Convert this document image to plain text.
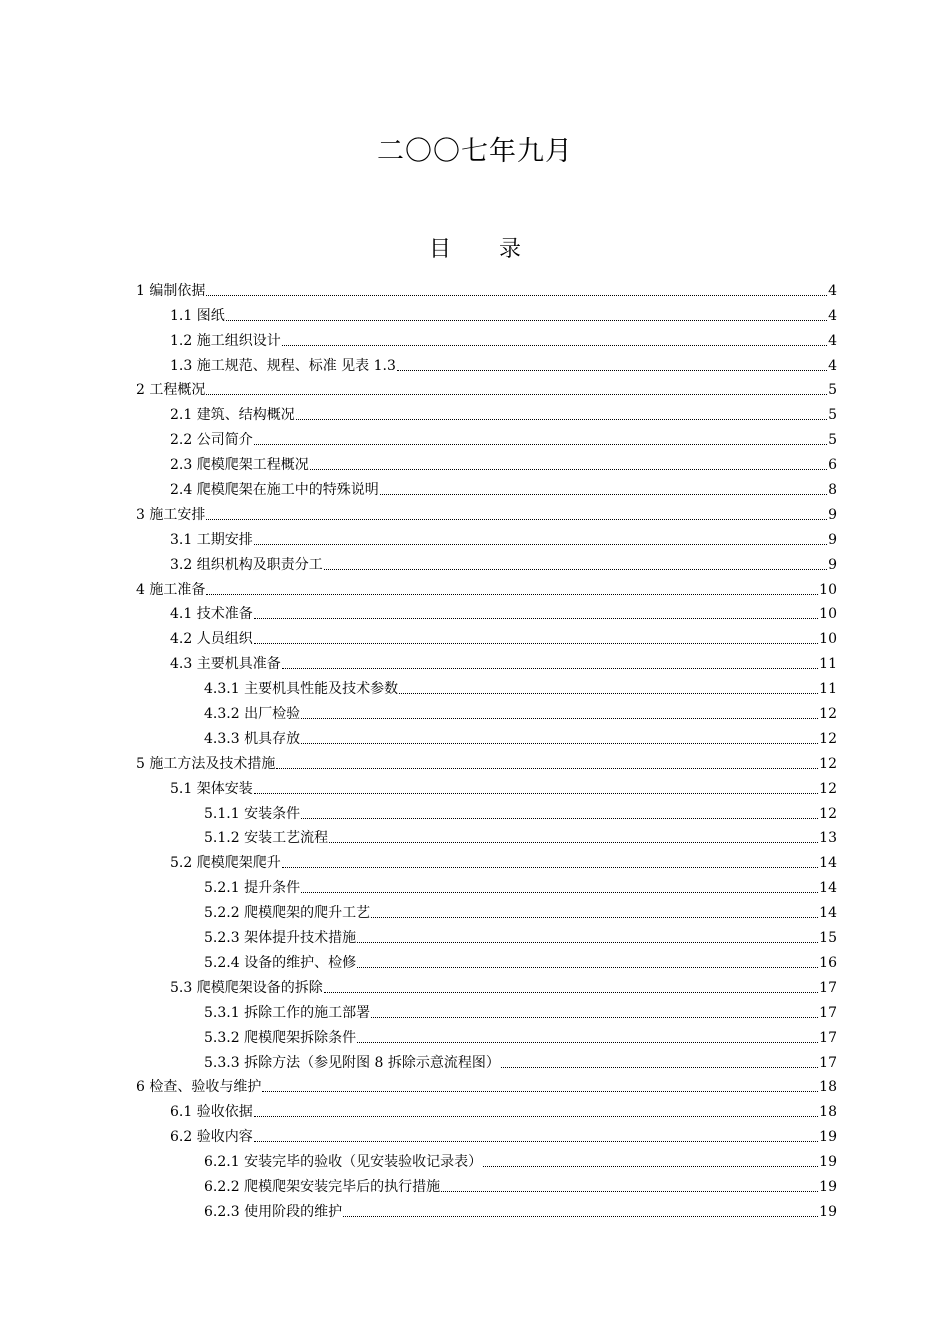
二〇〇七年九月
目 录
1 编制依据	4
1.1 图纸	4
1.2 施工组织设计	4
1.3 施工规范、规程、标准 见表 1.3	4
2 工程概况	5
2.1 建筑、结构概况	5
2.2 公司简介	5
2.3 爬模爬架工程概况	6
2.4 爬模爬架在施工中的特殊说明	8
3 施工安排	9
3.1 工期安排	9
3.2 组织机构及职责分工	9
4 施工准备	10
4.1 技术准备	10
4.2 人员组织	10
4.3 主要机具准备	11
4.3.1 主要机具性能及技术参数	11
4.3.2 出厂检验	12
4.3.3 机具存放	12
5 施工方法及技术措施	12
5.1 架体安装	12
5.1.1 安装条件	12
5.1.2 安装工艺流程	13
5.2 爬模爬架爬升	14
5.2.1 提升条件	14
5.2.2 爬模爬架的爬升工艺	14
5.2.3 架体提升技术措施	15
5.2.4 设备的维护、检修	16
5.3 爬模爬架设备的拆除	17
5.3.1 拆除工作的施工部署	17
5.3.2 爬模爬架拆除条件	17
5.3.3 拆除方法（参见附图 8 拆除示意流程图）	17
6 检查、验收与维护	18
6.1 验收依据	18
6.2 验收内容	19
6.2.1 安装完毕的验收（见安装验收记录表）	19
6.2.2 爬模爬架安装完毕后的执行措施	19
6.2.3 使用阶段的维护	19
